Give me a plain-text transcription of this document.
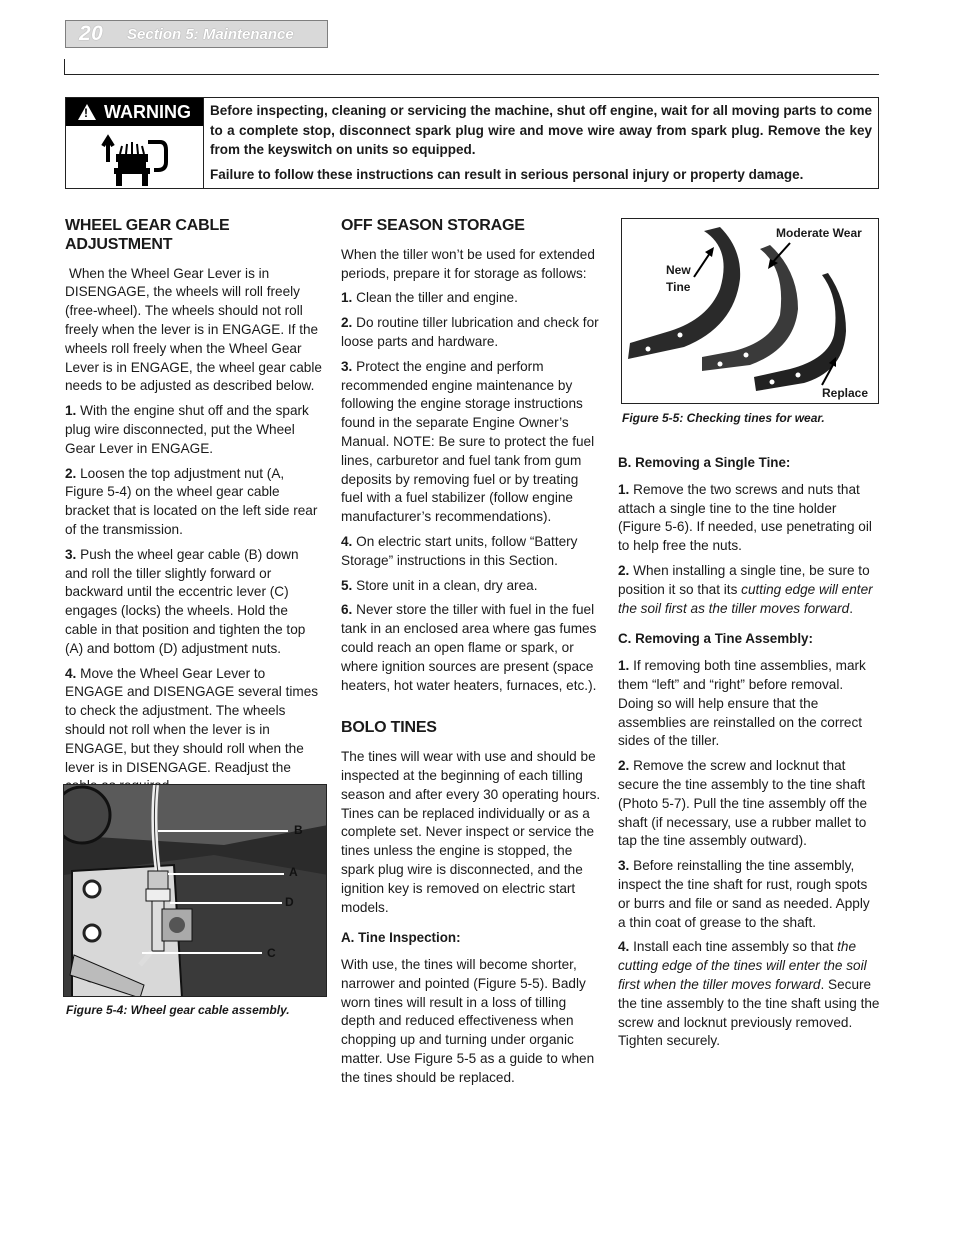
20	Section 5: Maintenance
!
WARNING Before inspecting, cleaning or servicing the machine, shut off engine, wait for all moving parts to come to a complete stop, disconnect spark plug wire and move wire away from spark plug. Remove the key from the keyswitch on units so equipped.

Failure to follow these instructions can result in serious personal injury or property damage.

WHEEL GEAR CABLE ADJUSTMENT

When the Wheel Gear Lever is in DISENGAGE, the wheels will roll freely (free-wheel). The wheels should not roll freely when the lever is in ENGAGE. If the wheels roll freely when the Wheel Gear Lever is in ENGAGE, the wheel gear cable needs to be adjusted as described below.

1. With the engine shut off and the spark plug wire disconnected, put the Wheel Gear Lever in ENGAGE.

2. Loosen the top adjustment nut (A, Figure 5-4) on the wheel gear cable bracket that is located on the left side rear of the transmission.

3. Push the wheel gear cable (B) down and roll the tiller slightly forward or backward until the eccentric lever (C) engages (locks) the wheels. Hold the cable in that position and tighten the top (A) and bottom (D) adjustment nuts.

4. Move the Wheel Gear Lever to ENGAGE and DISENGAGE several times to check the adjustment. The wheels should not roll when the lever is in ENGAGE, but they should roll when the lever is in DISENGAGE. Readjust the

B
A
D
C
Figure 5-4: Wheel gear cable assembly.
OFF SEASON STORAGE

When the tiller won’t be used for extended periods, prepare it for storage as follows:

1. Clean the tiller and engine.

2. Do routine tiller lubrication and check for loose parts and hardware.

3. Protect the engine and perform recommended engine maintenance by following the engine storage instructions found in the separate Engine Owner’s Manual. NOTE: Be sure to protect the fuel lines, carburetor and fuel tank from gum deposits by removing fuel or by treating fuel with a fuel stabilizer (follow engine manufacturer’s recommendations).

4. On electric start units, follow “Battery Storage” instructions in this Section.

5. Store unit in a clean, dry area.

6. Never store the tiller with fuel in the fuel tank in an enclosed area where gas fumes could reach an open flame or spark, or where ignition sources are present (space heaters, hot water heaters, furnaces, etc.).

BOLO TINES

The tines will wear with use and should be inspected at the beginning of each tilling season and after every 30 operating hours. Tines can be replaced individually or as a complete set. Never inspect or service the tines unless the engine is stopped, the spark plug wire is disconnected, and the ignition key is removed on electric start models.

A. Tine Inspection:

With use, the tines will become shorter, narrower and pointed (Figure 5-5). Badly worn tines will result in a loss of tilling depth and reduced effectiveness when chopping up and turning under organic matter. Use Figure 5-5 as a guide to when the tines should be replaced.

Moderate Wear
New
Tine
Replace
Figure 5-5: Checking tines for wear.
B. Removing a Single Tine:

1. Remove the two screws and nuts that attach a single tine to the tine holder (Figure 5-6). If needed, use penetrating oil to help free the nuts.

2. When installing a single tine, be sure to position it so that its cutting edge will enter the soil first as the tiller moves forward.

C. Removing a Tine Assembly:

1. If removing both tine assemblies, mark them “left” and “right” before removal. Doing so will help ensure that the assemblies are reinstalled on the correct sides of the tiller.

2. Remove the screw and locknut that secure the tine assembly to the tine shaft (Photo 5-7). Pull the tine assembly off the shaft (if necessary, use a rubber mallet to tap the tine assembly outward).

3. Before reinstalling the tine assembly, inspect the tine shaft for rust, rough spots or burrs and file or sand as needed. Apply a thin coat of grease to the shaft.

4. Install each tine assembly so that the cutting edge of the tines will enter the soil first when the tiller moves forward. Secure the tine assembly to the tine shaft using the screw and locknut previously removed. Tighten securely.
